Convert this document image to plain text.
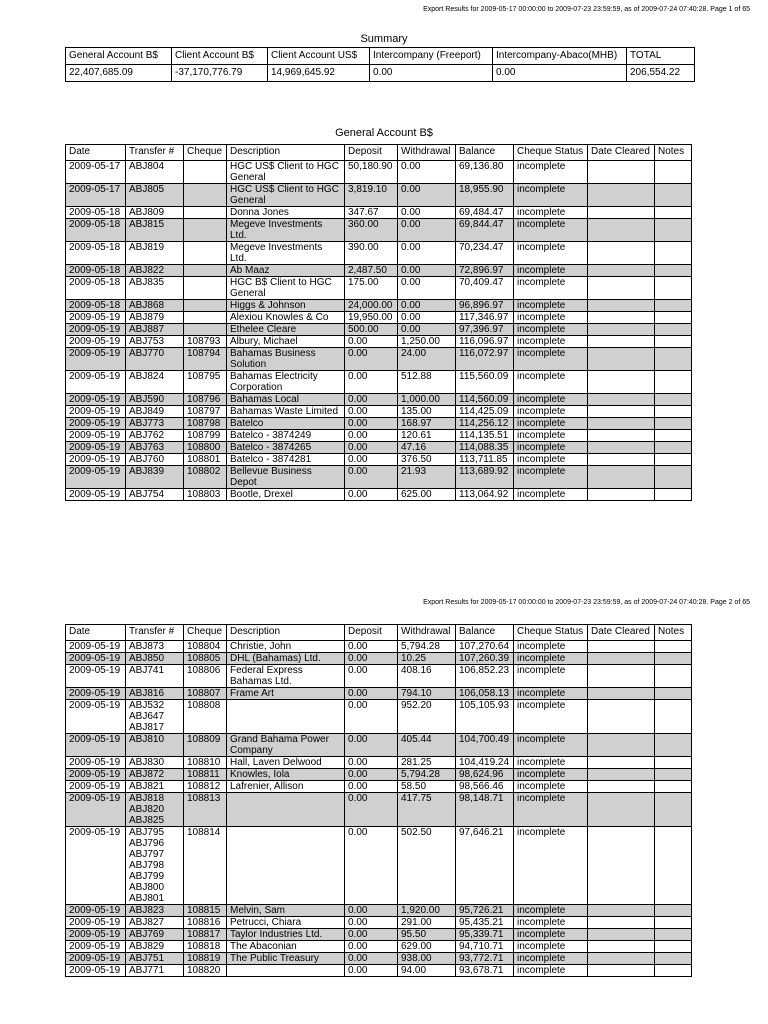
Export Results for 2009-05-17 00:00:00 to 2009-07-23 23:59:59, as of 2009-07-24 07:40:28. Page 1 of 65
Summary
General Account B$	Client Account B$	Client Account US$	Intercompany (Freeport)	Intercompany-Abaco(MHB)	TOTAL
22,407,685.09	-37,170,776.79	14,969,645.92	0.00	0.00	206,554.22
General Account B$
Date	Transfer #	Cheque	Description	Deposit	Withdrawal	Balance	Cheque Status	Date Cleared	Notes
2009-05-17	ABJ804		HGC US$ Client to HGC General	50,180.90	0.00	69,136.80	incomplete		
2009-05-17	ABJ805		HGC US$ Client to HGC General	3,819.10	0.00	18,955.90	incomplete		
2009-05-18	ABJ809		Donna Jones	347.67	0.00	69,484.47	incomplete		
2009-05-18	ABJ815		Megeve Investments Ltd.	360.00	0.00	69,844.47	incomplete		
2009-05-18	ABJ819		Megeve Investments Ltd.	390.00	0.00	70,234.47	incomplete		
2009-05-18	ABJ822		Ab Maaz	2,487.50	0.00	72,896.97	incomplete		
2009-05-18	ABJ835		HGC B$ Client to HGC General	175.00	0.00	70,409.47	incomplete		
2009-05-18	ABJ868		Higgs & Johnson	24,000.00	0.00	96,896.97	incomplete		
2009-05-19	ABJ879		Alexiou Knowles & Co	19,950.00	0.00	117,346.97	incomplete		
2009-05-19	ABJ887		Ethelee Cleare	500.00	0.00	97,396.97	incomplete		
2009-05-19	ABJ753	108793	Albury, Michael	0.00	1,250.00	116,096.97	incomplete		
2009-05-19	ABJ770	108794	Bahamas Business Solution	0.00	24.00	116,072.97	incomplete		
2009-05-19	ABJ824	108795	Bahamas Electricity Corporation	0.00	512.88	115,560.09	incomplete		
2009-05-19	ABJ590	108796	Bahamas Local	0.00	1,000.00	114,560.09	incomplete		
2009-05-19	ABJ849	108797	Bahamas Waste Limited	0.00	135.00	114,425.09	incomplete		
2009-05-19	ABJ773	108798	Batelco	0.00	168.97	114,256.12	incomplete		
2009-05-19	ABJ762	108799	Batelco - 3874249	0.00	120.61	114,135.51	incomplete		
2009-05-19	ABJ763	108800	Batelco - 3874265	0.00	47.16	114,088.35	incomplete		
2009-05-19	ABJ760	108801	Batelco - 3874281	0.00	376.50	113,711.85	incomplete		
2009-05-19	ABJ839	108802	Bellevue Business Depot	0.00	21.93	113,689.92	incomplete		
2009-05-19	ABJ754	108803	Bootle, Drexel	0.00	625.00	113,064.92	incomplete		
Export Results for 2009-05-17 00:00:00 to 2009-07-23 23:59:59, as of 2009-07-24 07:40:28. Page 2 of 65
Date	Transfer #	Cheque	Description	Deposit	Withdrawal	Balance	Cheque Status	Date Cleared	Notes
2009-05-19	ABJ873	108804	Christie, John	0.00	5,794.28	107,270.64	incomplete		
2009-05-19	ABJ850	108805	DHL (Bahamas) Ltd.	0.00	10.25	107,260.39	incomplete		
2009-05-19	ABJ741	108806	Federal Express Bahamas Ltd.	0.00	408.16	106,852.23	incomplete		
2009-05-19	ABJ816	108807	Frame Art	0.00	794.10	106,058.13	incomplete		
2009-05-19	ABJ532 ABJ647 ABJ817	108808		0.00	952.20	105,105.93	incomplete		
2009-05-19	ABJ810	108809	Grand Bahama Power Company	0.00	405.44	104,700.49	incomplete		
2009-05-19	ABJ830	108810	Hall, Laven Delwood	0.00	281.25	104,419.24	incomplete		
2009-05-19	ABJ872	108811	Knowles, Iola	0.00	5,794.28	98,624.96	incomplete		
2009-05-19	ABJ821	108812	Lafrenier, Allison	0.00	58.50	98,566.46	incomplete		
2009-05-19	ABJ818 ABJ820 ABJ825	108813		0.00	417.75	98,148.71	incomplete		
2009-05-19	ABJ795 ABJ796 ABJ797 ABJ798 ABJ799 ABJ800 ABJ801	108814		0.00	502.50	97,646.21	incomplete		
2009-05-19	ABJ823	108815	Melvin, Sam	0.00	1,920.00	95,726.21	incomplete		
2009-05-19	ABJ827	108816	Petrucci, Chiara	0.00	291.00	95,435.21	incomplete		
2009-05-19	ABJ769	108817	Taylor Industries Ltd.	0.00	95.50	95,339.71	incomplete		
2009-05-19	ABJ829	108818	The Abaconian	0.00	629.00	94,710.71	incomplete		
2009-05-19	ABJ751	108819	The Public Treasury	0.00	938.00	93,772.71	incomplete		
2009-05-19	ABJ771	108820		0.00	94.00	93,678.71	incomplete		
